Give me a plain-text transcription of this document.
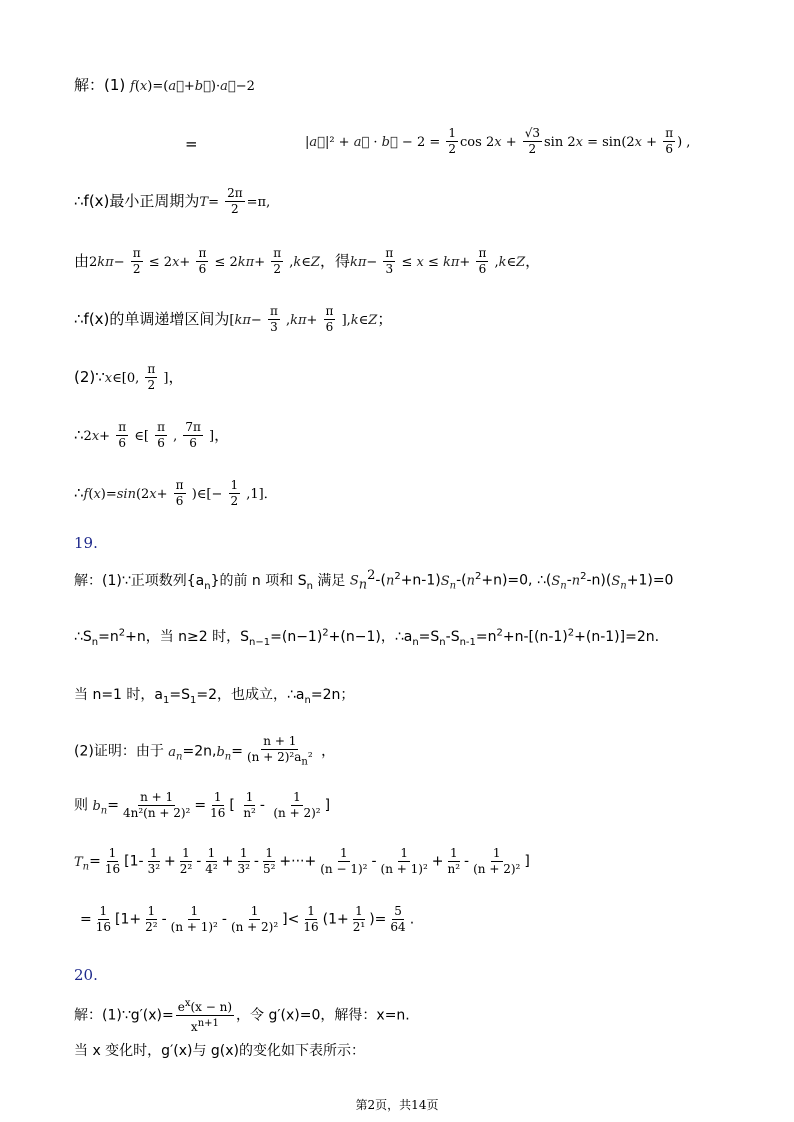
解：(1) f(x)=(a⃗+b⃗)·a⃗−2
=	|a⃗|² + a⃗ · b⃗ − $2 = \frac{1}{2}$ $\cos 2x + \frac{√3}{2}$ $\sin 2x = \sin(2x + \frac{\pi}{6}$ ) ,
∴f(x)最小正周期为$T= \frac{2\pi}{2} =\pi$,
由$2k\pi- \frac{\pi}{2} \le 2x+ \frac{\pi}{6} \le 2k\pi+ \frac{\pi}{2}$ ,k∈Z，得$k\pi- \frac{\pi}{3} \le x \le k\pi+ \frac{\pi}{6}$ ,k∈Z，
∴f(x)的单调递增区间为[$k\pi- \frac{\pi}{3} ,k\pi+ \frac{\pi}{6}$ ],k∈Z；
(2)∵x∈[0, $\frac{\pi}{2}$ ]，
∴2x+ $\frac{\pi}{6}$ ∈[ $\frac{\pi}{6}$ , $\frac{7\pi}{6}$ ]，
∴f(x)=sin(2x+ $\frac{\pi}{6}$ )∈[− $\frac{1}{2} ,1$]．
19.
解：(1)∵正项数列$\{a_n\}$的前 n 项和 $S_n$ 满足 $S_n^2-(n^2+n-1)S_n-(n^2+n)=0$, $\therefore(S_n-n^2-n)(S_n+1)=0$
$\therefore S_n=n^2+n$，当 n≥2 时，$S_{n-1}=(n-1)^2+(n-1)$，$\therefore a_n=S_n-S_{n-1}=n^2+n-[(n-1)^2+(n-1)]=2n$.
当 n=1 时，$a_1=S_1=2$，也成立，$\therefore a_n=2n$；
(2)证明：由于 $a_n=2n,b_n= \frac{n + 1}{(n + 2)^2a_n^2}$ ，
则 $b_n= \frac{n + 1}{\text{4n²(n + 2)²}} = \frac{1}{16}$ [ $\frac{1}{\text{n²}} - \frac{1}{\text{(n + 2)²}}$ ]
$T_n= \frac{1}{16} [1- \frac{1}{\text{3²}} + \frac{1}{\text{2²}} - \frac{1}{\text{4²}} + \frac{1}{\text{3²}} - \frac{1}{\text{5²}}$ +···+ $\frac{1}{\text{(n − 1)²}} - \frac{1}{\text{(n + 1)²}} + \frac{1}{\text{n²}} - \frac{1}{\text{(n + 2)²}}$ ]
= $\frac{1}{16} [1+ \frac{1}{\text{2²}} - \frac{1}{\text{(n + 1)²}} - \frac{1}{\text{(n + 2)²}}$ ]< $\frac{1}{16} (1+ \frac{1}{\text{2¹}}$ )= $\frac{5}{64}$ .
20.
解：(1)∵g′(x)= $\frac{e^x(x - n)}{x^{n+1}}$ ，令 g′(x)=0，解得：x=n.
当 x 变化时，g′(x)与 g(x)的变化如下表所示：
第2页，共14页
